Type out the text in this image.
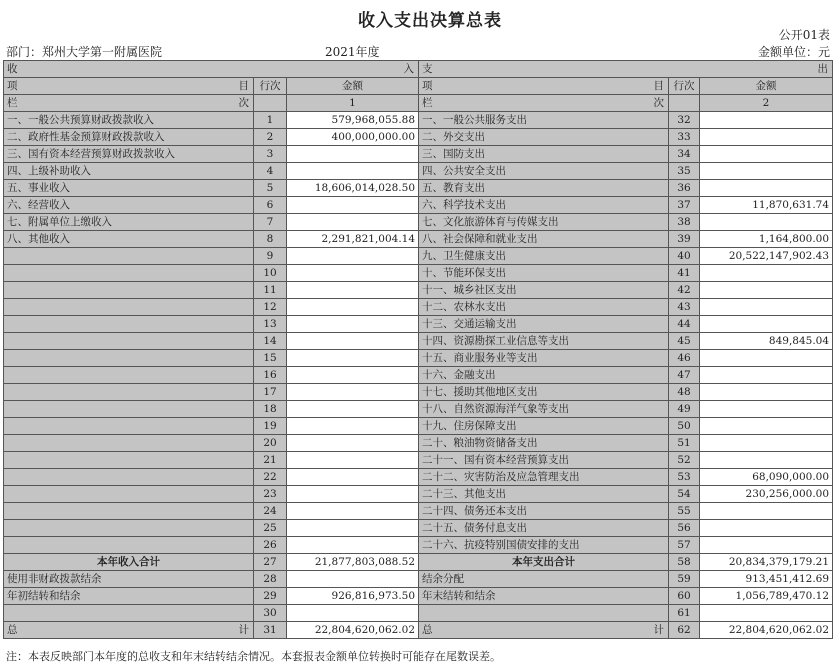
收入支出决算总表
公开01表
部门：郑州大学第一附属医院	2021年度	金额单位：元
收 入			支 出		

项 目	行次	金额	项 目	行次	金额
栏 次		1	栏 次		2
一、一般公共预算财政拨款收入	1	579,968,055.88	一、一般公共服务支出	32	
二、政府性基金预算财政拨款收入	2	400,000,000.00	二、外交支出	33	
三、国有资本经营预算财政拨款收入	3		三、国防支出	34	
四、上级补助收入	4		四、公共安全支出	35	
五、事业收入	5	18,606,014,028.50	五、教育支出	36	
六、经营收入	6		六、科学技术支出	37	11,870,631.74
七、附属单位上缴收入	7		七、文化旅游体育与传媒支出	38	
八、其他收入	8	2,291,821,004.14	八、社会保障和就业支出	39	1,164,800.00
	9		九、卫生健康支出	40	20,522,147,902.43
	10		十、节能环保支出	41	
	11		十一、城乡社区支出	42	
	12		十二、农林水支出	43	
	13		十三、交通运输支出	44	
	14		十四、资源勘探工业信息等支出	45	849,845.04
	15		十五、商业服务业等支出	46	
	16		十六、金融支出	47	
	17		十七、援助其他地区支出	48	
	18		十八、自然资源海洋气象等支出	49	
	19		十九、住房保障支出	50	
	20		二十、粮油物资储备支出	51	
	21		二十一、国有资本经营预算支出	52	
	22		二十二、灾害防治及应急管理支出	53	68,090,000.00
	23		二十三、其他支出	54	230,256,000.00
	24		二十四、债务还本支出	55	
	25		二十五、债务付息支出	56	
	26		二十六、抗疫特别国债安排的支出	57	
本年收入合计	27	21,877,803,088.52	本年支出合计	58	20,834,379,179.21
使用非财政拨款结余	28		结余分配	59	913,451,412.69
年初结转和结余	29	926,816,973.50	年末结转和结余	60	1,056,789,470.12
	30			61	
总 计	31	22,804,620,062.02	总 计	62	22,804,620,062.02
注：本表反映部门本年度的总收支和年末结转结余情况。本套报表金额单位转换时可能存在尾数误差。
